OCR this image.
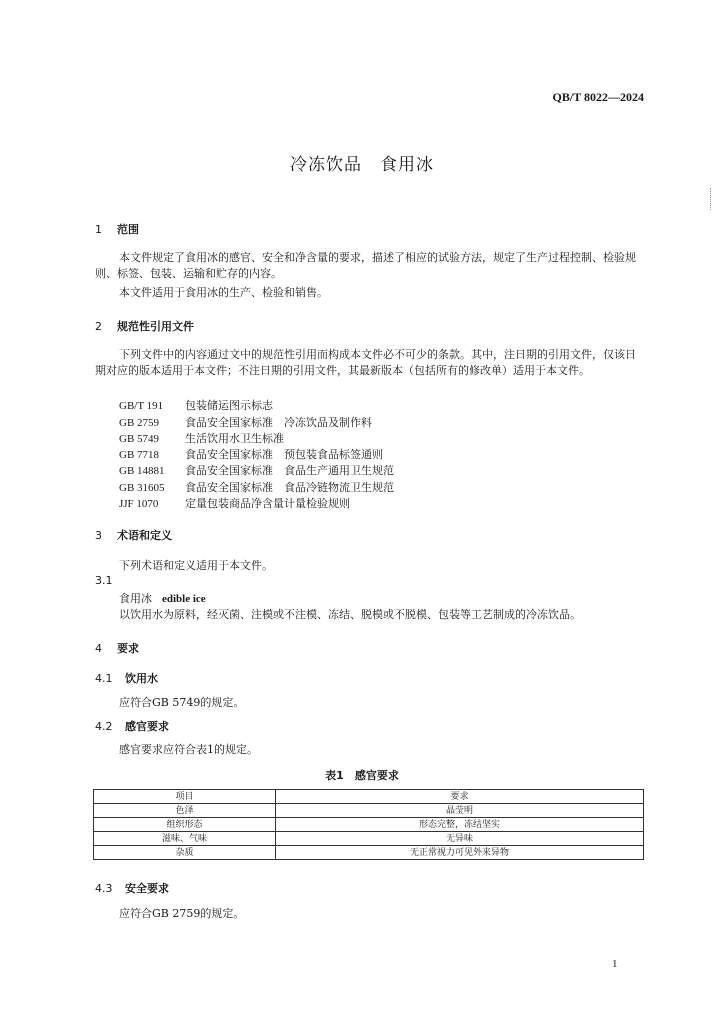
QB/T 8022—2024
冷冻饮品　食用冰
1 范围
本文件规定了食用冰的感官、安全和净含量的要求，描述了相应的试验方法，规定了生产过程控制、检验规则、标签、包装、运输和贮存的内容。
本文件适用于食用冰的生产、检验和销售。
2 规范性引用文件
下列文件中的内容通过文中的规范性引用而构成本文件必不可少的条款。其中，注日期的引用文件，仅该日期对应的版本适用于本文件；不注日期的引用文件，其最新版本（包括所有的修改单）适用于本文件。
GB/T 191 包装储运图示标志
GB 2759 食品安全国家标准　冷冻饮品及制作料
GB 5749 生活饮用水卫生标准
GB 7718 食品安全国家标准　预包装食品标签通则
GB 14881 食品安全国家标准　食品生产通用卫生规范
GB 31605 食品安全国家标准　食品冷链物流卫生规范
JJF 1070 定量包装商品净含量计量检验规则
3 术语和定义
下列术语和定义适用于本文件。
3.1
食用冰 edible ice
以饮用水为原料，经灭菌、注模或不注模、冻结、脱模或不脱模、包装等工艺制成的冷冻饮品。
4 要求
4.1 饮用水
应符合GB 5749的规定。
4.2 感官要求
感官要求应符合表1的规定。
表1　感官要求
项目	要求
色泽	晶莹明
组织形态	形态完整，冻结坚实
滋味、气味	无异味
杂质	无正常视力可见外来异物
4.3 安全要求
应符合GB 2759的规定。
1
